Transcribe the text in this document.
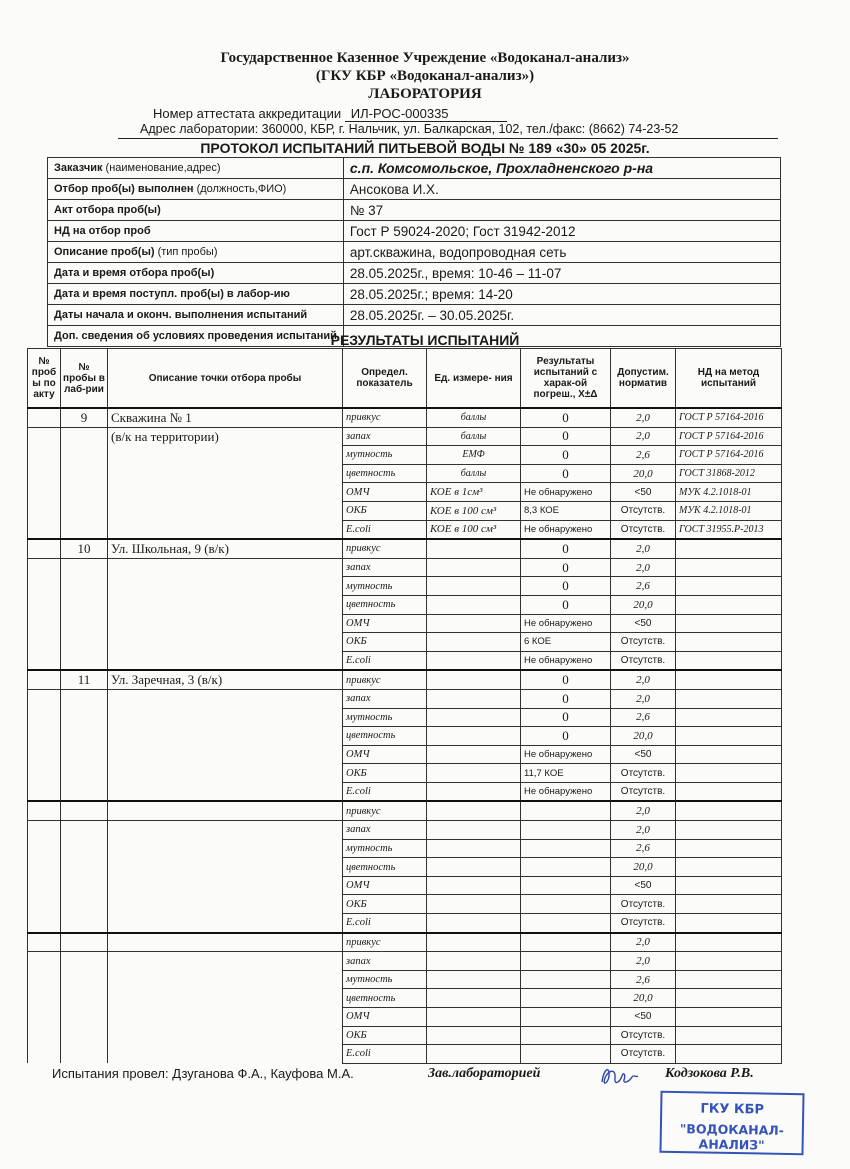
Государственное Казенное Учреждение «Водоканал-анализ»
(ГКУ КБР «Водоканал-анализ»)
ЛАБОРАТОРИЯ
Номер аттестата аккредитации ИЛ-РОС-000335
Адрес лаборатории: 360000, КБР, г. Нальчик, ул. Балкарская, 102, тел./факс: (8662) 74-23-52
ПРОТОКОЛ ИСПЫТАНИЙ ПИТЬЕВОЙ ВОДЫ № 189 «30» 05 2025г.
Заказчик (наименование,адрес)	с.п. Комсомольское, Прохладненского р-на
Отбор проб(ы) выполнен (должность,ФИО)	Ансокова И.Х.
Акт отбора проб(ы)	№ 37
НД на отбор проб	Гост Р 59024-2020; Гост 31942-2012
Описание проб(ы) (тип пробы)	арт.скважина, водопроводная сеть
Дата и время отбора проб(ы)	28.05.2025г., время: 10-46 – 11-07
Дата и время поступл. проб(ы) в лабор-ию	28.05.2025г.; время: 14-20
Даты начала и оконч. выполнения испытаний	28.05.2025г. – 30.05.2025г.
Доп. сведения об условиях проведения испытаний	
РЕЗУЛЬТАТЫ ИСПЫТАНИЙ
№ проб ы по акту	№ пробы в лаб-рии	Описание точки отбора пробы	Определ. показатель	Ед. измере- ния	Результаты испытаний с харак-ой погреш., Х±Δ	Допустим. норматив	НД на метод испытаний
	9	Скважина № 1	привкус	баллы	0	2,0	ГОСТ Р 57164-2016
		(в/к на территории)	запах	баллы	0	2,0	ГОСТ Р 57164-2016
			мутность	ЕМФ	0	2,6	ГОСТ Р 57164-2016
			цветность	баллы	0	20,0	ГОСТ 31868-2012
			ОМЧ	КОЕ в 1см³	Не обнаружено	<50	МУК 4.2.1018-01
			ОКБ	КОЕ в 100 см³	8,3 КОЕ	Отсутств.	МУК 4.2.1018-01
			E.coli	КОЕ в 100 см³	Не обнаружено	Отсутств.	ГОСТ 31955.Р-2013
	10	Ул. Школьная, 9 (в/к)	привкус		0	2,0	
			запах		0	2,0	
			мутность		0	2,6	
			цветность		0	20,0	
			ОМЧ		Не обнаружено	<50	
			ОКБ		6 КОЕ	Отсутств.	
			E.coli		Не обнаружено	Отсутств.	
	11	Ул. Заречная, 3 (в/к)	привкус		0	2,0	
			запах		0	2,0	
			мутность		0	2,6	
			цветность		0	20,0	
			ОМЧ		Не обнаружено	<50	
			ОКБ		11,7 КОЕ	Отсутств.	
			E.coli		Не обнаружено	Отсутств.	
			привкус			2,0	
			запах			2,0	
			мутность			2,6	
			цветность			20,0	
			ОМЧ			<50	
			ОКБ			Отсутств.	
			E.coli			Отсутств.	
			привкус			2,0	
			запах			2,0	
			мутность			2,6	
			цветность			20,0	
			ОМЧ			<50	
			ОКБ			Отсутств.	
			E.coli			Отсутств.	
Испытания провел: Дзуганова Ф.А., Кауфова М.А.	Зав.лабораторией	Кодзокова Р.В.
ГКУ КБР
"ВОДОКАНАЛ-АНАЛИЗ"
